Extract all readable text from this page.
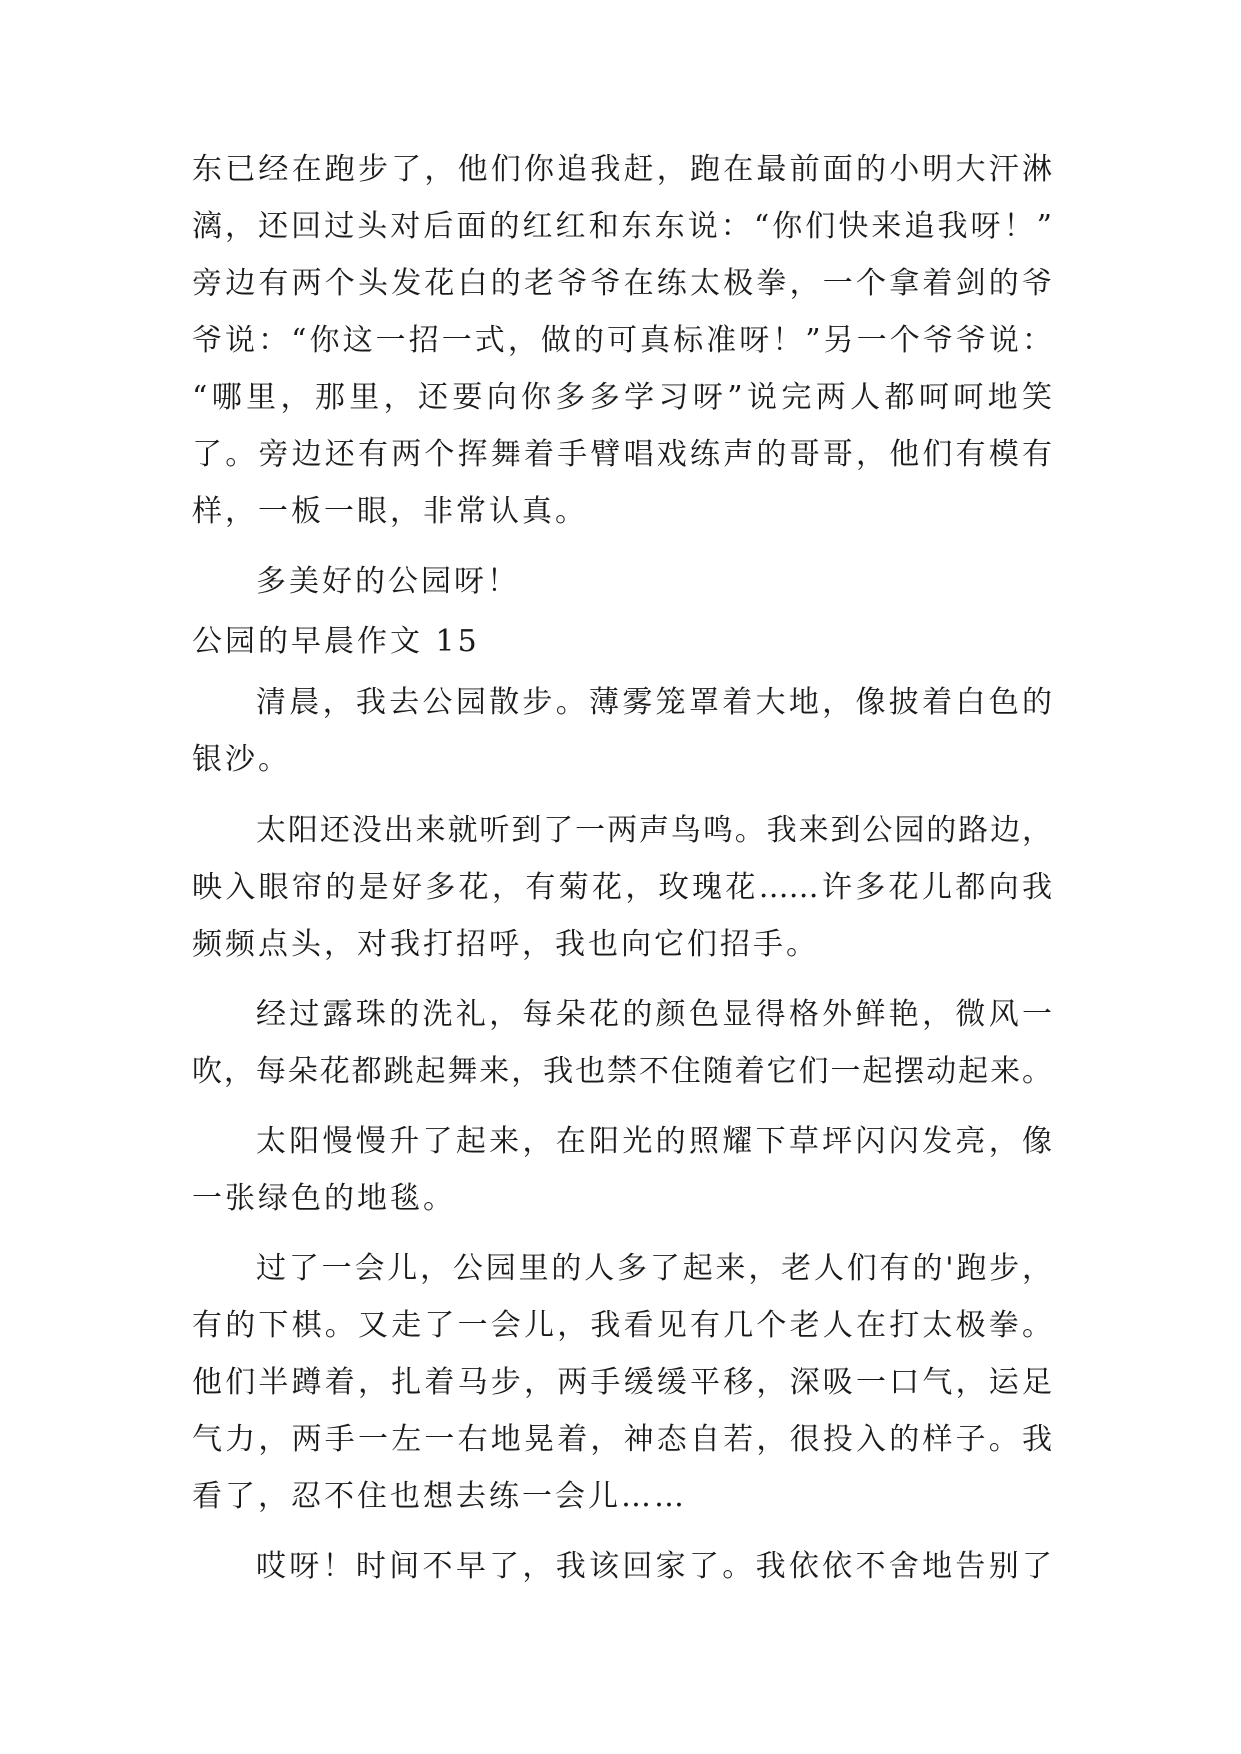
东已经在跑步了，他们你追我赶，跑在最前面的小明大汗淋
漓，还回过头对后面的红红和东东说：“你们快来追我呀！”
旁边有两个头发花白的老爷爷在练太极拳，一个拿着剑的爷
爷说：“你这一招一式，做的可真标准呀！”另一个爷爷说：
“哪里，那里，还要向你多多学习呀”说完两人都呵呵地笑
了。旁边还有两个挥舞着手臂唱戏练声的哥哥，他们有模有
样，一板一眼，非常认真。
多美好的公园呀！
公园的早晨作文 15
清晨，我去公园散步。薄雾笼罩着大地，像披着白色的
银沙。
太阳还没出来就听到了一两声鸟鸣。我来到公园的路边，
映入眼帘的是好多花，有菊花，玫瑰花……许多花儿都向我
频频点头，对我打招呼，我也向它们招手。
经过露珠的洗礼，每朵花的颜色显得格外鲜艳，微风一
吹，每朵花都跳起舞来，我也禁不住随着它们一起摆动起来。
太阳慢慢升了起来，在阳光的照耀下草坪闪闪发亮，像
一张绿色的地毯。
过了一会儿，公园里的人多了起来，老人们有的'跑步，
有的下棋。又走了一会儿，我看见有几个老人在打太极拳。
他们半蹲着，扎着马步，两手缓缓平移，深吸一口气，运足
气力，两手一左一右地晃着，神态自若，很投入的样子。我
看了，忍不住也想去练一会儿……
哎呀！时间不早了，我该回家了。我依依不舍地告别了
